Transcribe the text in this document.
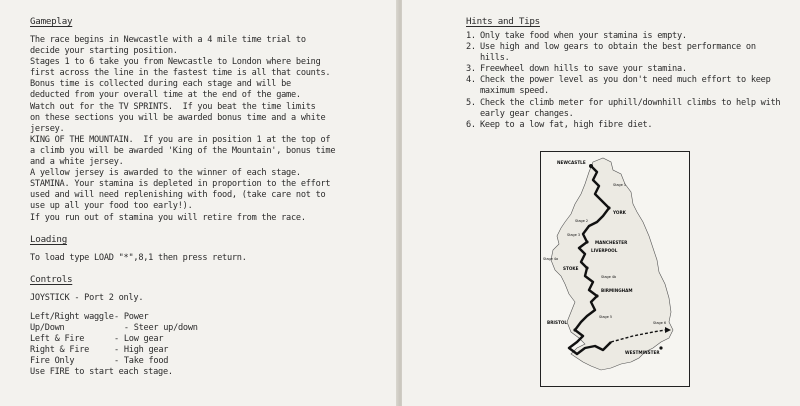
Gameplay

The race begins in Newcastle with a 4 mile time trial to

decide your starting position.

Stages 1 to 6 take you from Newcastle to London where being

first across the line in the fastest time is all that counts.

Bonus time is collected during each stage and will be

deducted from your overall time at the end of the game.

Watch out for the TV SPRINTS.  If you beat the time limits

on these sections you will be awarded bonus time and a white

jersey.

KING OF THE MOUNTAIN.  If you are in position 1 at the top of

a climb you will be awarded 'King of the Mountain', bonus time

and a white jersey.

A yellow jersey is awarded to the winner of each stage.

STAMINA. Your stamina is depleted in proportion to the effort

used and will need replenishing with food, (take care not to

use up all your food too early!).

If you run out of stamina you will retire from the race.

Loading

To load type LOAD "*",8,1 then press return.

Controls

JOYSTICK - Port 2 only.

Left/Right waggle - Power
Up/Down	- Steer up/down
Left & Fire	- Low gear
Right & Fire	- High gear
Fire Only	- Take food

Use FIRE to start each stage.

Hints and Tips
1. Only take food when your stamina is empty.
2. Use high and low gears to obtain the best performance on hills.
3. Freewheel down hills to save your stamina.
4. Check the power level as you don't need much effort to keep maximum speed.
5. Check the climb meter for uphill/downhill climbs to help with early gear changes.
6. Keep to a low fat, high fibre diet.
NEWCASTLE
YORK
MANCHESTER
LIVERPOOL
STOKE
BIRMINGHAM
BRISTOL
WESTMINSTER
Stage 1
Stage 2
Stage 3
Stage 4a
Stage 4b
Stage 5
Stage 6
